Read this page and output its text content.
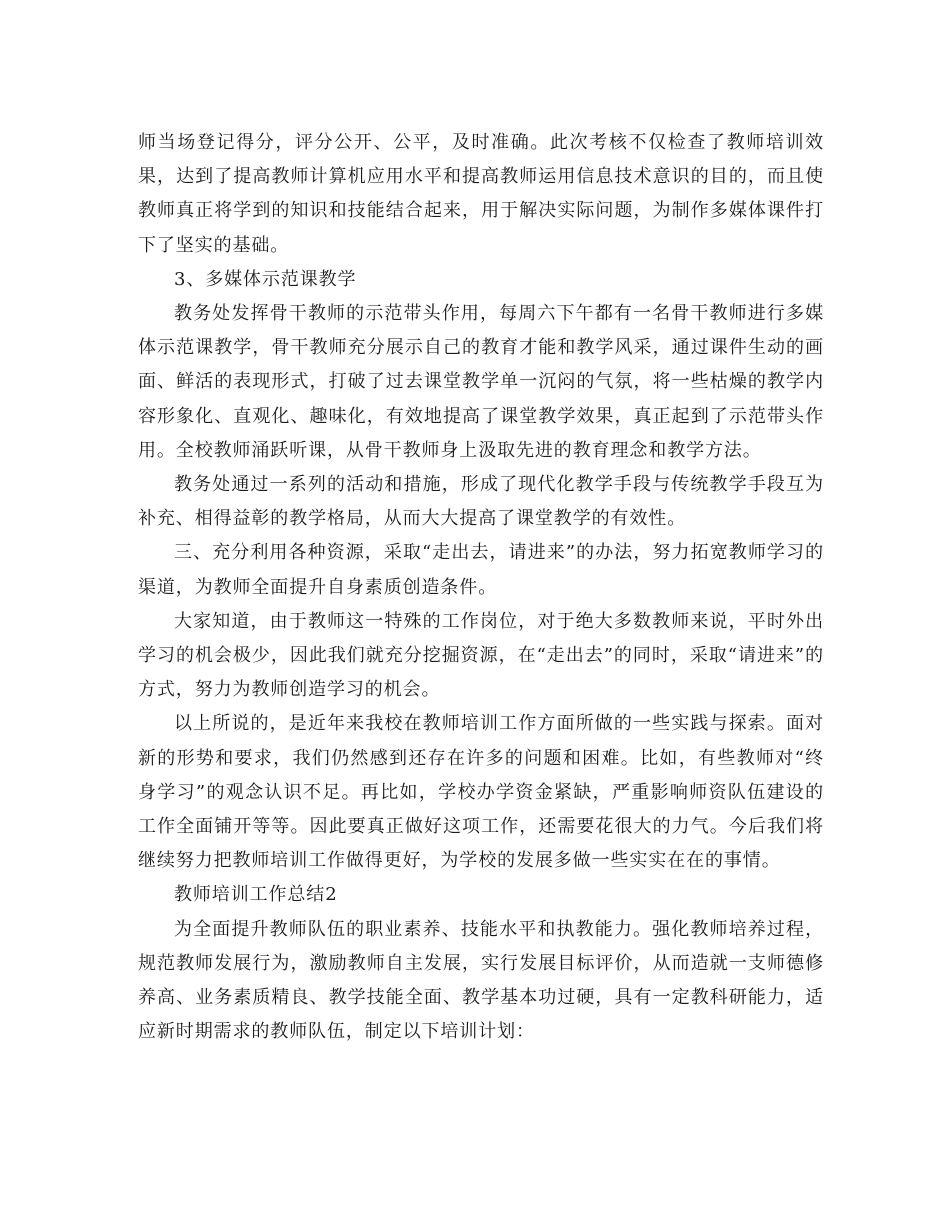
师当场登记得分，评分公开、公平，及时准确。此次考核不仅检查了教师培训效果，达到了提高教师计算机应用水平和提高教师运用信息技术意识的目的，而且使教师真正将学到的知识和技能结合起来，用于解决实际问题，为制作多媒体课件打下了坚实的基础。

3、多媒体示范课教学

教务处发挥骨干教师的示范带头作用，每周六下午都有一名骨干教师进行多媒体示范课教学，骨干教师充分展示自己的教育才能和教学风采，通过课件生动的画面、鲜活的表现形式，打破了过去课堂教学单一沉闷的气氛，将一些枯燥的教学内容形象化、直观化、趣味化，有效地提高了课堂教学效果，真正起到了示范带头作用。全校教师涌跃听课，从骨干教师身上汲取先进的教育理念和教学方法。

教务处通过一系列的活动和措施，形成了现代化教学手段与传统教学手段互为补充、相得益彰的教学格局，从而大大提高了课堂教学的有效性。

三、充分利用各种资源，采取“走出去，请进来”的办法，努力拓宽教师学习的渠道，为教师全面提升自身素质创造条件。

大家知道，由于教师这一特殊的工作岗位，对于绝大多数教师来说，平时外出学习的机会极少，因此我们就充分挖掘资源，在“走出去”的同时，采取“请进来”的方式，努力为教师创造学习的机会。

以上所说的，是近年来我校在教师培训工作方面所做的一些实践与探索。面对新的形势和要求，我们仍然感到还存在许多的问题和困难。比如，有些教师对“终身学习”的观念认识不足。再比如，学校办学资金紧缺，严重影响师资队伍建设的工作全面铺开等等。因此要真正做好这项工作，还需要花很大的力气。今后我们将继续努力把教师培训工作做得更好，为学校的发展多做一些实实在在的事情。

教师培训工作总结2

为全面提升教师队伍的职业素养、技能水平和执教能力。强化教师培养过程，规范教师发展行为，激励教师自主发展，实行发展目标评价，从而造就一支师德修养高、业务素质精良、教学技能全面、教学基本功过硬，具有一定教科研能力，适应新时期需求的教师队伍，制定以下培训计划：
